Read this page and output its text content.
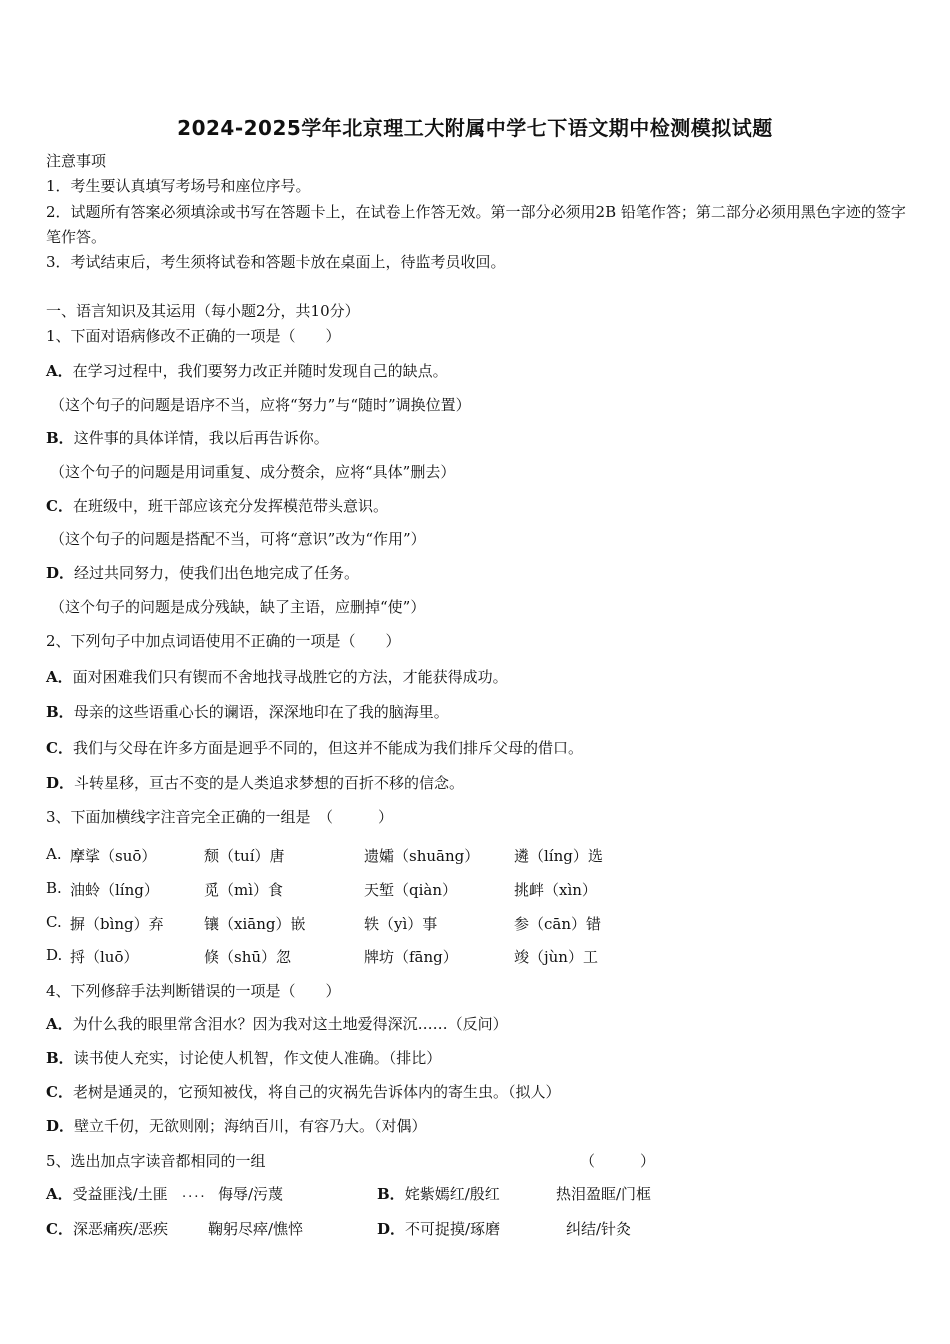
2024-2025学年北京理工大附属中学七下语文期中检测模拟试题
注意事项
1．考生要认真填写考场号和座位序号。
2．试题所有答案必须填涂或书写在答题卡上，在试卷上作答无效。第一部分必须用2B 铅笔作答；第二部分必须用黑色字迹的签字笔作答。
3．考试结束后，考生须将试卷和答题卡放在桌面上，待监考员收回。
一、语言知识及其运用（每小题2分，共10分）
1、下面对语病修改不正确的一项是（　　）
A．在学习过程中，我们要努力改正并随时发现自己的缺点。
（这个句子的问题是语序不当，应将“努力”与“随时”调换位置）
B．这件事的具体详情，我以后再告诉你。
（这个句子的问题是用词重复、成分赘余，应将“具体”删去）
C．在班级中，班干部应该充分发挥模范带头意识。
（这个句子的问题是搭配不当，可将“意识”改为“作用”）
D．经过共同努力，使我们出色地完成了任务。
（这个句子的问题是成分残缺，缺了主语，应删掉“使”）
2、下列句子中加点词语使用不正确的一项是（　　）
A．面对困难我们只有锲而不舍地找寻战胜它的方法，才能获得成功。
B．母亲的这些语重心长的谰语，深深地印在了我的脑海里。
C．我们与父母在许多方面是迥乎不同的，但这并不能成为我们排斥父母的借口。
D．斗转星移，亘古不变的是人类追求梦想的百折不移的信念。
3、下面加横线字注音完全正确的一组是　（　　　）
A. 摩挲（suō）	颓（tuí）唐	遗孀（shuāng） 遴（líng）选
B. 油蛉（líng）	觅（mì）食	天堑（qiàn）	挑衅（xìn）
C. 摒（bìng）弃	镶（xiāng）嵌	轶（yì）事	参（cān）错
D. 捋（luō）	倏（shū）忽	牌坊（fāng）	竣（jùn）工
4、下列修辞手法判断错误的一项是（　　）
A．为什么我的眼里常含泪水？因为我对这土地爱得深沉……（反问）
B．读书使人充实，讨论使人机智，作文使人准确。（排比）
C．老树是通灵的，它预知被伐，将自己的灾祸先告诉体内的寄生虫。（拟人）
D．壁立千仞，无欲则刚；海纳百川，有容乃大。（对偶）
5、选出加点字读音都相同的一组	（　　　）
A．受益匪浅/土匪 .... 侮辱/污蔑	B．姹紫嫣红/殷红	热泪盈眶/门框
C．深恶痛疾/恶疾	鞠躬尽瘁/憔悴	D．不可捉摸/琢磨	纠结/针灸
